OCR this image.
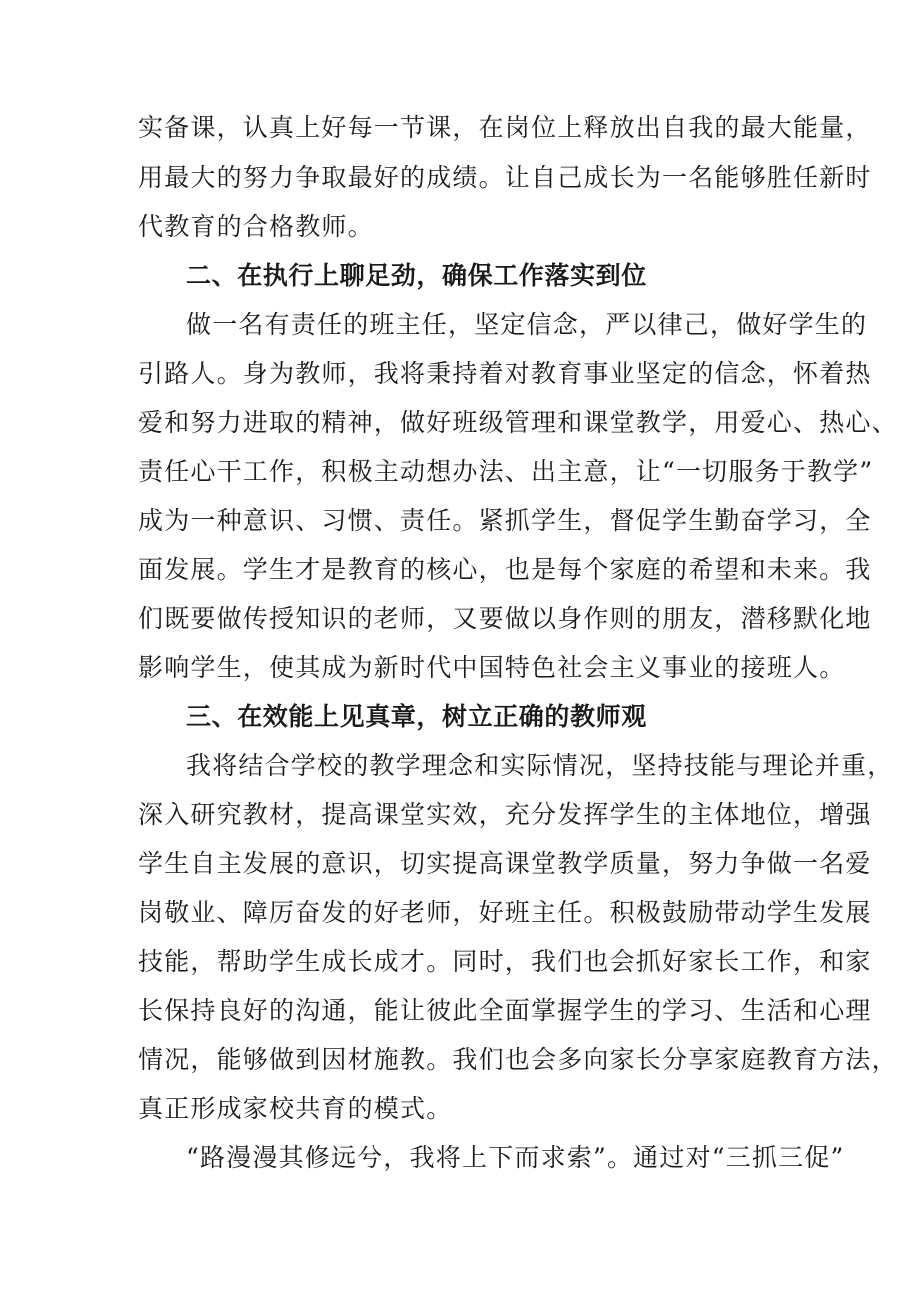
实备课，认真上好每一节课，在岗位上释放出自我的最大能量，
用最大的努力争取最好的成绩。让自己成长为一名能够胜任新时
代教育的合格教师。
二、在执行上聊足劲，确保工作落实到位
做一名有责任的班主任，坚定信念，严以律己，做好学生的
引路人。身为教师，我将秉持着对教育事业坚定的信念，怀着热
爱和努力进取的精神，做好班级管理和课堂教学，用爱心、热心、
责任心干工作，积极主动想办法、出主意，让“一切服务于教学”
成为一种意识、习惯、责任。紧抓学生，督促学生勤奋学习，全
面发展。学生才是教育的核心，也是每个家庭的希望和未来。我
们既要做传授知识的老师，又要做以身作则的朋友，潜移默化地
影响学生，使其成为新时代中国特色社会主义事业的接班人。
三、在效能上见真章，树立正确的教师观
我将结合学校的教学理念和实际情况，坚持技能与理论并重，
深入研究教材，提高课堂实效，充分发挥学生的主体地位，增强
学生自主发展的意识，切实提高课堂教学质量，努力争做一名爱
岗敬业、障厉奋发的好老师，好班主任。积极鼓励带动学生发展
技能，帮助学生成长成才。同时，我们也会抓好家长工作，和家
长保持良好的沟通，能让彼此全面掌握学生的学习、生活和心理
情况，能够做到因材施教。我们也会多向家长分享家庭教育方法，
真正形成家校共育的模式。
“路漫漫其修远兮，我将上下而求索”。通过对“三抓三促”
